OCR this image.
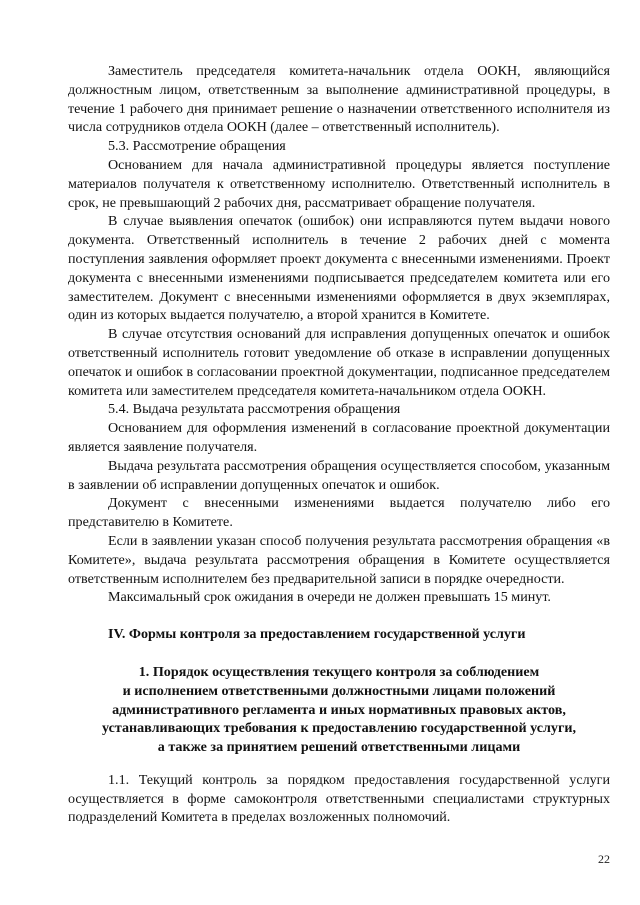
Заместитель председателя комитета-начальник отдела ООКН, являющийся должностным лицом, ответственным за выполнение административной процедуры, в течение 1 рабочего дня принимает решение о назначении ответственного исполнителя из числа сотрудников отдела ООКН (далее – ответственный исполнитель).

5.3. Рассмотрение обращения

Основанием для начала административной процедуры является поступление материалов получателя к ответственному исполнителю. Ответственный исполнитель в срок, не превышающий 2 рабочих дня, рассматривает обращение получателя.

В случае выявления опечаток (ошибок) они исправляются путем выдачи нового документа. Ответственный исполнитель в течение 2 рабочих дней с момента поступления заявления оформляет проект документа с внесенными изменениями. Проект документа с внесенными изменениями подписывается председателем комитета или его заместителем. Документ с внесенными изменениями оформляется в двух экземплярах, один из которых выдается получателю, а второй хранится в Комитете.

В случае отсутствия оснований для исправления допущенных опечаток и ошибок ответственный исполнитель готовит уведомление об отказе в исправлении допущенных опечаток и ошибок в согласовании проектной документации, подписанное председателем комитета или заместителем председателя комитета-начальником отдела ООКН.

5.4. Выдача результата рассмотрения обращения

Основанием для оформления изменений в согласование проектной документации является заявление получателя.

Выдача результата рассмотрения обращения осуществляется способом, указанным в заявлении об исправлении допущенных опечаток и ошибок.

Документ с внесенными изменениями выдается получателю либо его представителю в Комитете.

Если в заявлении указан способ получения результата рассмотрения обращения «в Комитете», выдача результата рассмотрения обращения в Комитете осуществляется ответственным исполнителем без предварительной записи в порядке очередности.

Максимальный срок ожидания в очереди не должен превышать 15 минут.

IV. Формы контроля за предоставлением государственной услуги

1. Порядок осуществления текущего контроля за соблюдением
и исполнением ответственными должностными лицами положений
административного регламента и иных нормативных правовых актов,
устанавливающих требования к предоставлению государственной услуги,
а также за принятием решений ответственными лицами

1.1. Текущий контроль за порядком предоставления государственной услуги осуществляется в форме самоконтроля ответственными специалистами структурных подразделений Комитета в пределах возложенных полномочий.

22
